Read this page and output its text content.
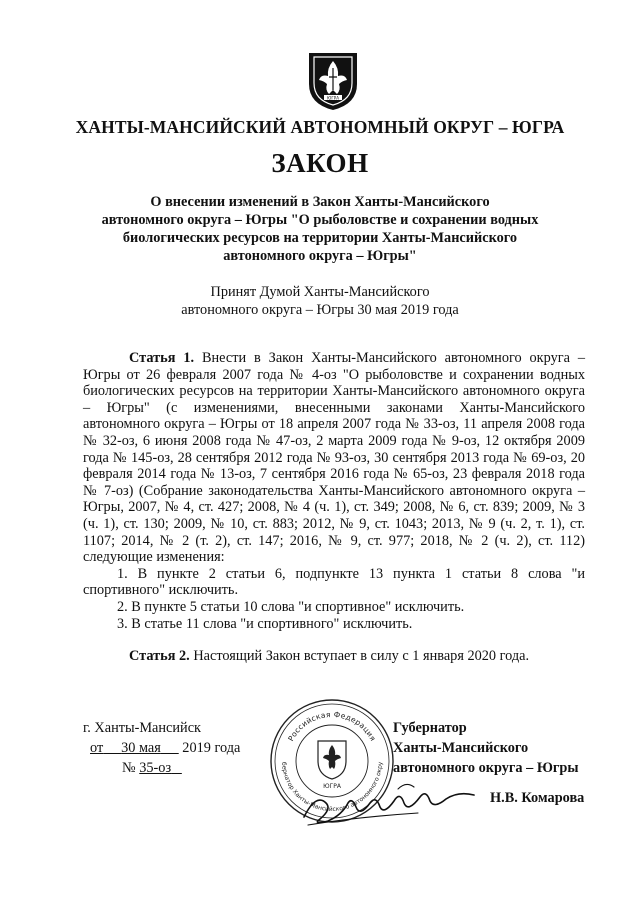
ЮГРА
ХАНТЫ-МАНСИЙСКИЙ АВТОНОМНЫЙ ОКРУГ – ЮГРА
ЗАКОН
О внесении изменений в Закон Ханты-Мансийского
автономного округа – Югры "О рыболовстве и сохранении водных
биологических ресурсов на территории Ханты-Мансийского
автономного округа – Югры"
Принят Думой Ханты-Мансийского
автономного округа – Югры 30 мая 2019 года

Статья 1. Внести в Закон Ханты-Мансийского автономного округа – Югры от 26 февраля 2007 года № 4-оз "О рыболовстве и сохранении водных биологических ресурсов на территории Ханты-Мансийского автономного округа – Югры" (с изменениями, внесенными законами Ханты-Мансийского автономного округа – Югры от 18 апреля 2007 года № 33-оз, 11 апреля 2008 года № 32-оз, 6 июня 2008 года № 47-оз, 2 марта 2009 года № 9-оз, 12 октября 2009 года № 145-оз, 28 сентября 2012 года № 93-оз, 30 сентября 2013 года № 69-оз, 20 февраля 2014 года № 13-оз, 7 сентября 2016 года № 65-оз, 23 февраля 2018 года № 7-оз) (Собрание законодательства Ханты-Мансийского автономного округа – Югры, 2007, № 4, ст. 427; 2008, № 4 (ч. 1), ст. 349; 2008, № 6, ст. 839; 2009, № 3 (ч. 1), ст. 130; 2009, № 10, ст. 883; 2012, № 9, ст. 1043; 2013, № 9 (ч. 2, т. 1), ст. 1107; 2014, № 2 (т. 2), ст. 147; 2016, № 9, ст. 977; 2018, № 2 (ч. 2), ст. 112) следующие изменения:

1. В пункте 2 статьи 6, подпункте 13 пункта 1 статьи 8 слова "и спортивного" исключить.

2. В пункте 5 статьи 10 слова "и спортивное" исключить.

3. В статье 11 слова "и спортивного" исключить.

Статья 2. Настоящий Закон вступает в силу с 1 января 2020 года.

г. Ханты-Мансийск
от 30 мая 2019 года
№ 35-оз
Российская Федерация
бернатор Ханты-Мансийского автономного окру
ЮГРА
Губернатор
Ханты-Мансийского
автономного округа – Югры
Н.В. Комарова
